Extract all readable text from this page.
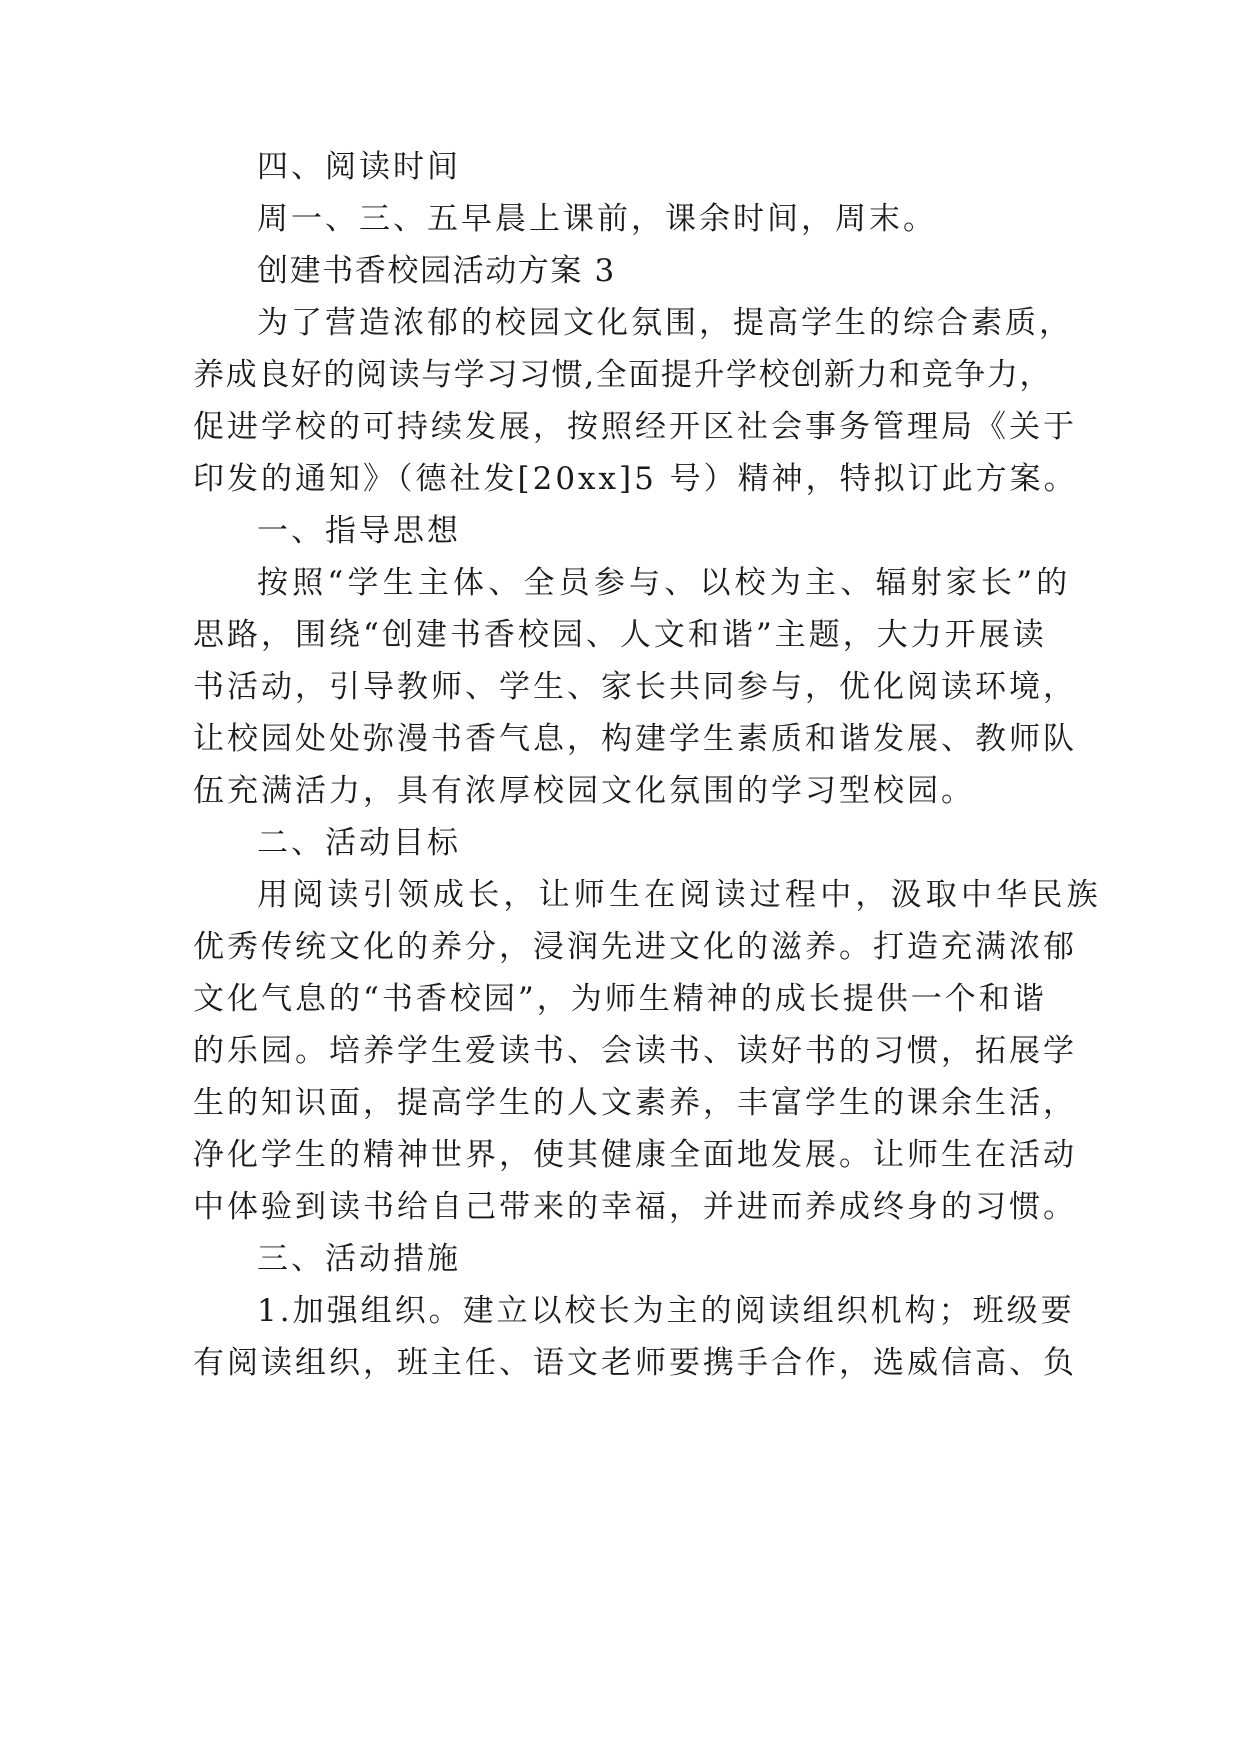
四、阅读时间
周一、三、五早晨上课前，课余时间，周末。
创建书香校园活动方案 3
为了营造浓郁的校园文化氛围，提高学生的综合素质，
养成良好的阅读与学习习惯,全面提升学校创新力和竞争力，
促进学校的可持续发展，按照经开区社会事务管理局《关于
印发的通知》（德社发[20xx]5 号）精神，特拟订此方案。
一、指导思想
按照“学生主体、全员参与、以校为主、辐射家长”的
思路，围绕“创建书香校园、人文和谐”主题，大力开展读
书活动，引导教师、学生、家长共同参与，优化阅读环境，
让校园处处弥漫书香气息，构建学生素质和谐发展、教师队
伍充满活力，具有浓厚校园文化氛围的学习型校园。
二、活动目标
用阅读引领成长，让师生在阅读过程中，汲取中华民族
优秀传统文化的养分，浸润先进文化的滋养。打造充满浓郁
文化气息的“书香校园”，为师生精神的成长提供一个和谐
的乐园。培养学生爱读书、会读书、读好书的习惯，拓展学
生的知识面，提高学生的人文素养，丰富学生的课余生活，
净化学生的精神世界，使其健康全面地发展。让师生在活动
中体验到读书给自己带来的幸福，并进而养成终身的习惯。
三、活动措施
1.加强组织。建立以校长为主的阅读组织机构；班级要
有阅读组织，班主任、语文老师要携手合作，选威信高、负
